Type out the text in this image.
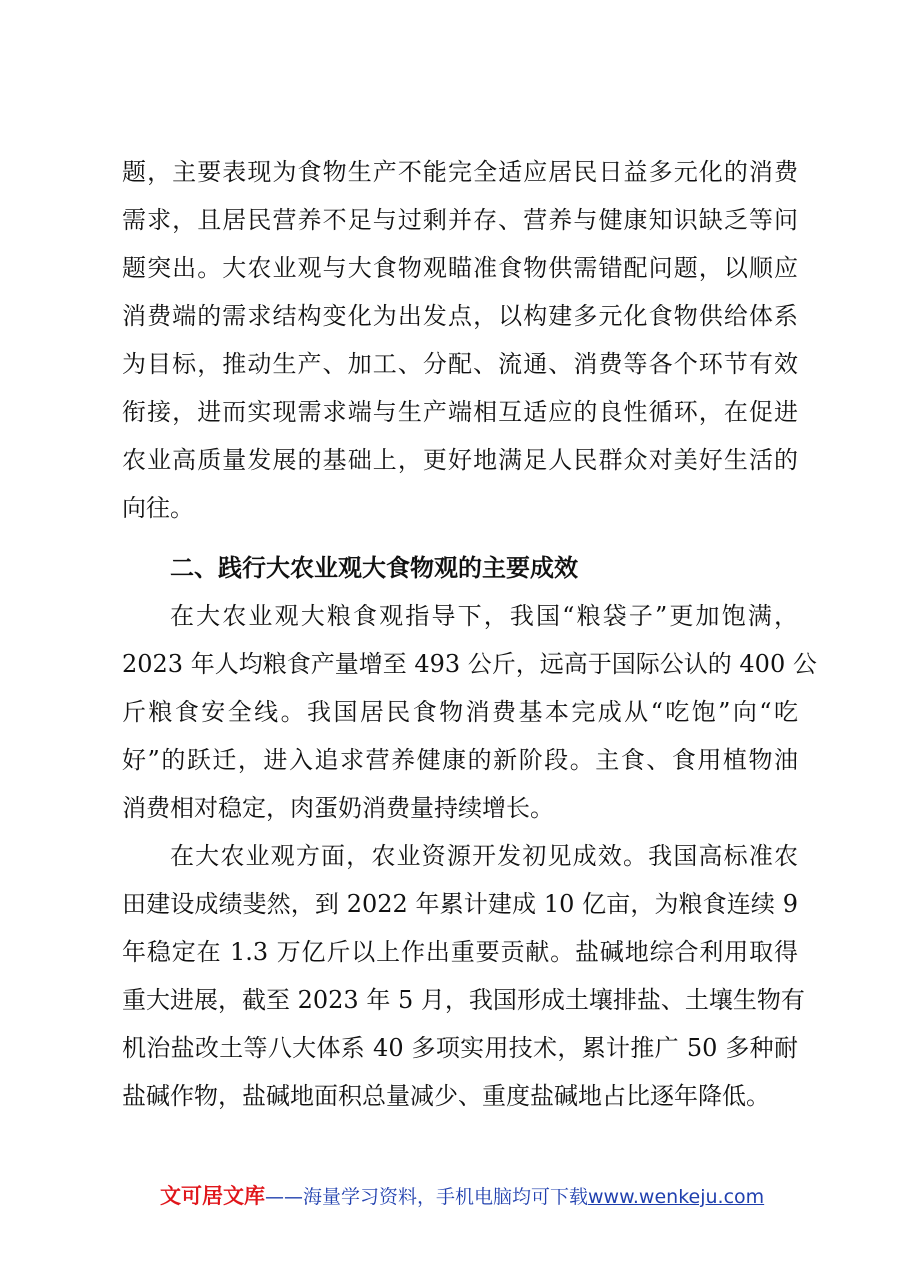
题，主要表现为食物生产不能完全适应居民日益多元化的消费
需求，且居民营养不足与过剩并存、营养与健康知识缺乏等问
题突出。大农业观与大食物观瞄准食物供需错配问题，以顺应
消费端的需求结构变化为出发点，以构建多元化食物供给体系
为目标，推动生产、加工、分配、流通、消费等各个环节有效
衔接，进而实现需求端与生产端相互适应的良性循环，在促进
农业高质量发展的基础上，更好地满足人民群众对美好生活的
向往。
二、践行大农业观大食物观的主要成效
在大农业观大粮食观指导下，我国“粮袋子”更加饱满，
2023 年人均粮食产量增至 493 公斤，远高于国际公认的 400 公
斤粮食安全线。我国居民食物消费基本完成从“吃饱”向“吃
好”的跃迁，进入追求营养健康的新阶段。主食、食用植物油
消费相对稳定，肉蛋奶消费量持续增长。
在大农业观方面，农业资源开发初见成效。我国高标准农
田建设成绩斐然，到 2022 年累计建成 10 亿亩，为粮食连续 9
年稳定在 1.3 万亿斤以上作出重要贡献。盐碱地综合利用取得
重大进展，截至 2023 年 5 月，我国形成土壤排盐、土壤生物有
机治盐改土等八大体系 40 多项实用技术，累计推广 50 多种耐
盐碱作物，盐碱地面积总量减少、重度盐碱地占比逐年降低。
文可居文库——海量学习资料，手机电脑均可下载www.wenkeju.com
